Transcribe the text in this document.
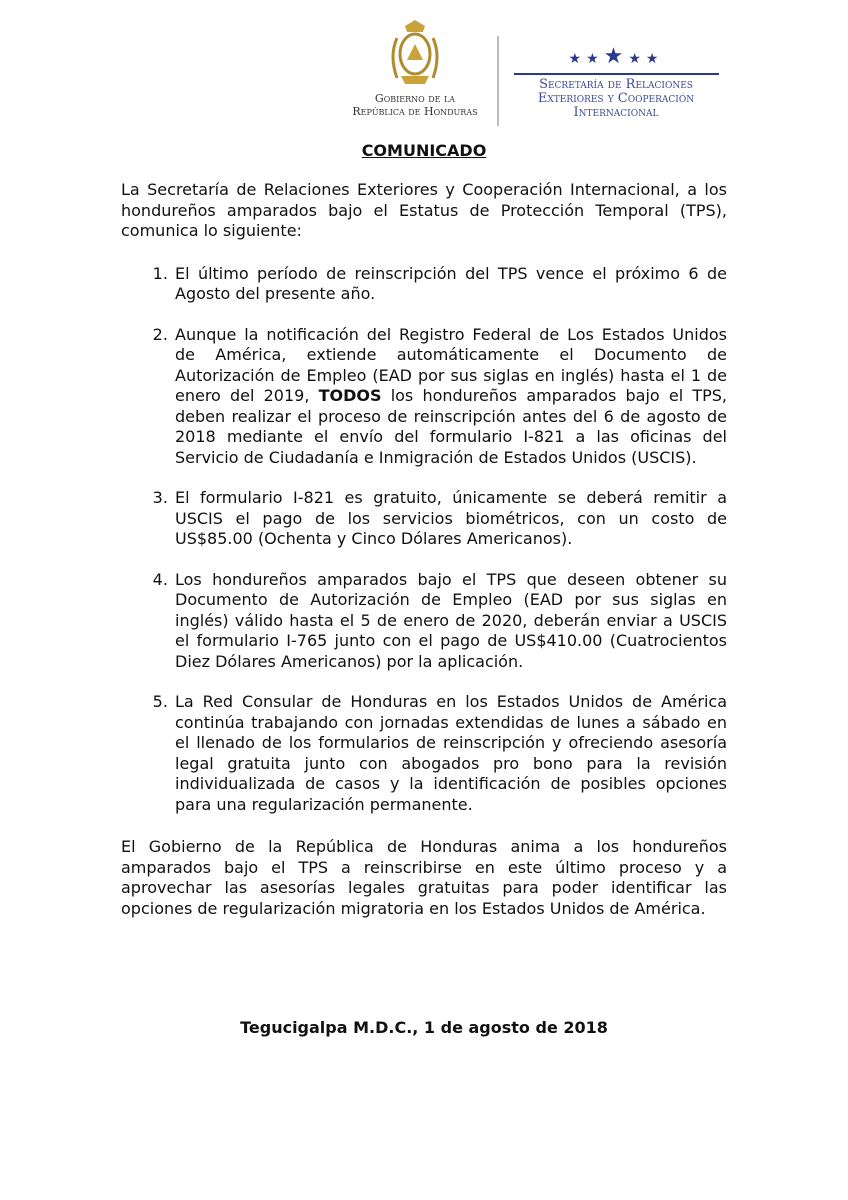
Gobierno de la
República de Honduras
★★★★★
Secretaría de Relaciones
Exteriores y Cooperación
Internacional
COMUNICADO

La Secretaría de Relaciones Exteriores y Cooperación Internacional, a los hondureños amparados bajo el Estatus de Protección Temporal (TPS), comunica lo siguiente:

1. El último período de reinscripción del TPS vence el próximo 6 de Agosto del presente año.
2. Aunque la notificación del Registro Federal de Los Estados Unidos de América, extiende automáticamente el Documento de Autorización de Empleo (EAD por sus siglas en inglés) hasta el 1 de enero del 2019, TODOS los hondureños amparados bajo el TPS, deben realizar el proceso de reinscripción antes del 6 de agosto de 2018 mediante el envío del formulario I-821 a las oficinas del Servicio de Ciudadanía e Inmigración de Estados Unidos (USCIS).
3. El formulario I-821 es gratuito, únicamente se deberá remitir a USCIS el pago de los servicios biométricos, con un costo de US$85.00 (Ochenta y Cinco Dólares Americanos).
4. Los hondureños amparados bajo el TPS que deseen obtener su Documento de Autorización de Empleo (EAD por sus siglas en inglés) válido hasta el 5 de enero de 2020, deberán enviar a USCIS el formulario I-765 junto con el pago de US$410.00 (Cuatrocientos Diez Dólares Americanos) por la aplicación.
5. La Red Consular de Honduras en los Estados Unidos de América continúa trabajando con jornadas extendidas de lunes a sábado en el llenado de los formularios de reinscripción y ofreciendo asesoría legal gratuita junto con abogados pro bono para la revisión individualizada de casos y la identificación de posibles opciones para una regularización permanente.

El Gobierno de la República de Honduras anima a los hondureños amparados bajo el TPS a reinscribirse en este último proceso y a aprovechar las asesorías legales gratuitas para poder identificar las opciones de regularización migratoria en los Estados Unidos de América.

Tegucigalpa M.D.C., 1 de agosto de 2018
